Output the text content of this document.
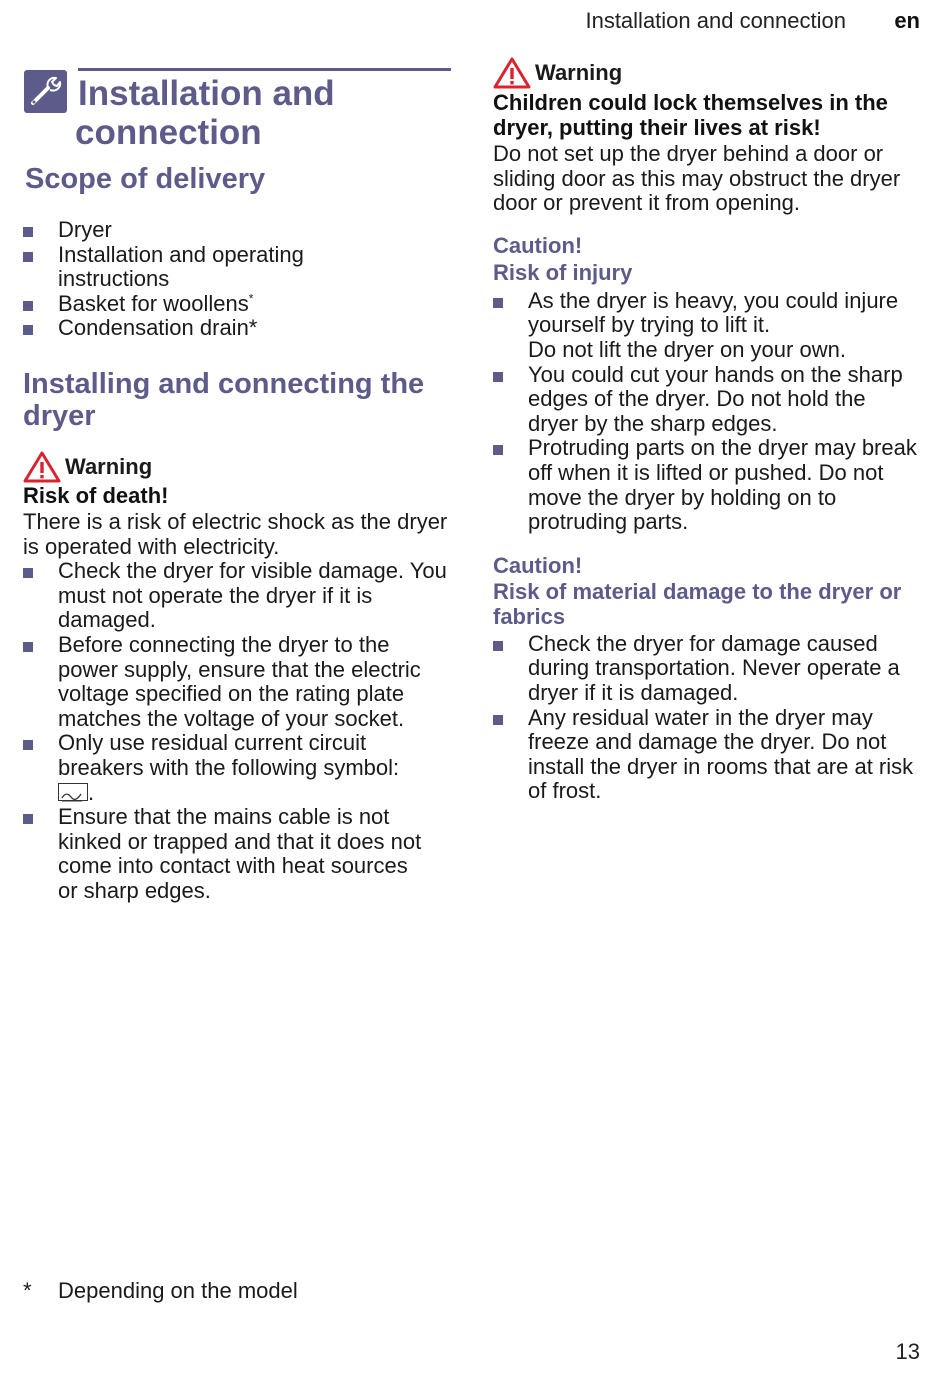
Installation and connection en
Installation and
connection
Scope of delivery
Dryer
Installation and operating instructions
Basket for woollens*
Condensation drain*
Installing and connecting the dryer
Warning
Risk of death!
There is a risk of electric shock as the dryer is operated with electricity.
Check the dryer for visible damage. You must not operate the dryer if it is damaged.
Before connecting the dryer to the power supply, ensure that the electric voltage specified on the rating plate matches the voltage of your socket.
Only use residual current circuit breakers with the following symbol:
.
Ensure that the mains cable is not kinked or trapped and that it does not come into contact with heat sources or sharp edges.
Warning
Children could lock themselves in the dryer, putting their lives at risk!
Do not set up the dryer behind a door or sliding door as this may obstruct the dryer door or prevent it from opening.
Caution!
Risk of injury
As the dryer is heavy, you could injure yourself by trying to lift it.
Do not lift the dryer on your own.
You could cut your hands on the sharp edges of the dryer. Do not hold the dryer by the sharp edges.
Protruding parts on the dryer may break off when it is lifted or pushed. Do not move the dryer by holding on to protruding parts.
Caution!
Risk of material damage to the dryer or fabrics
Check the dryer for damage caused during transportation. Never operate a dryer if it is damaged.
Any residual water in the dryer may freeze and damage the dryer. Do not install the dryer in rooms that are at risk of frost.
* Depending on the model
13
